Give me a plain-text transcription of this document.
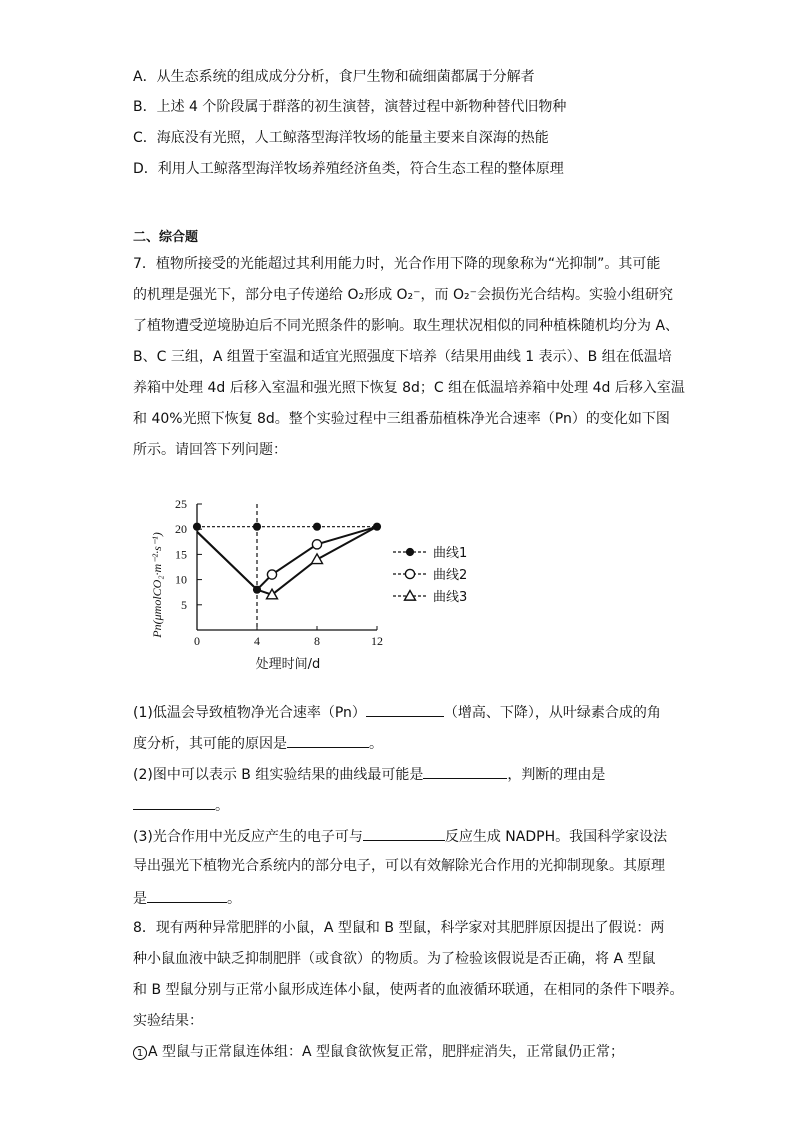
A．从生态系统的组成成分分析，食尸生物和硫细菌都属于分解者
B．上述 4 个阶段属于群落的初生演替，演替过程中新物种替代旧物种
C．海底没有光照，人工鲸落型海洋牧场的能量主要来自深海的热能
D．利用人工鲸落型海洋牧场养殖经济鱼类，符合生态工程的整体原理
二、综合题
7．植物所接受的光能超过其利用能力时，光合作用下降的现象称为“光抑制”。其可能
的机理是强光下，部分电子传递给 O₂形成 O₂⁻，而 O₂⁻会损伤光合结构。实验小组研究
了植物遭受逆境胁迫后不同光照条件的影响。取生理状况相似的同种植株随机均分为 A、
B、C 三组，A 组置于室温和适宜光照强度下培养（结果用曲线 1 表示）、B 组在低温培
养箱中处理 4d 后移入室温和强光照下恢复 8d；C 组在低温培养箱中处理 4d 后移入室温
和 40%光照下恢复 8d。整个实验过程中三组番茄植株净光合速率（Pn）的变化如下图
所示。请回答下列问题：
5
10
15
20
25
0	4	8	12
曲线1
曲线2
曲线3
Pn(μmolCO₂·m⁻²·s⁻¹)
处理时间/d
(1)低温会导致植物净光合速率（Pn）	（增高、下降），从叶绿素合成的角
度分析，其可能的原因是	。
(2)图中可以表示 B 组实验结果的曲线最可能是	，判断的理由是
。
(3)光合作用中光反应产生的电子可与	反应生成 NADPH。我国科学家设法
导出强光下植物光合系统内的部分电子，可以有效解除光合作用的光抑制现象。其原理
是	。
8．现有两种异常肥胖的小鼠，A 型鼠和 B 型鼠，科学家对其肥胖原因提出了假说：两
种小鼠血液中缺乏抑制肥胖（或食欲）的物质。为了检验该假说是否正确，将 A 型鼠
和 B 型鼠分别与正常小鼠形成连体小鼠，使两者的血液循环联通，在相同的条件下喂养。
实验结果：
1 A 型鼠与正常鼠连体组：A 型鼠食欲恢复正常，肥胖症消失，正常鼠仍正常；
